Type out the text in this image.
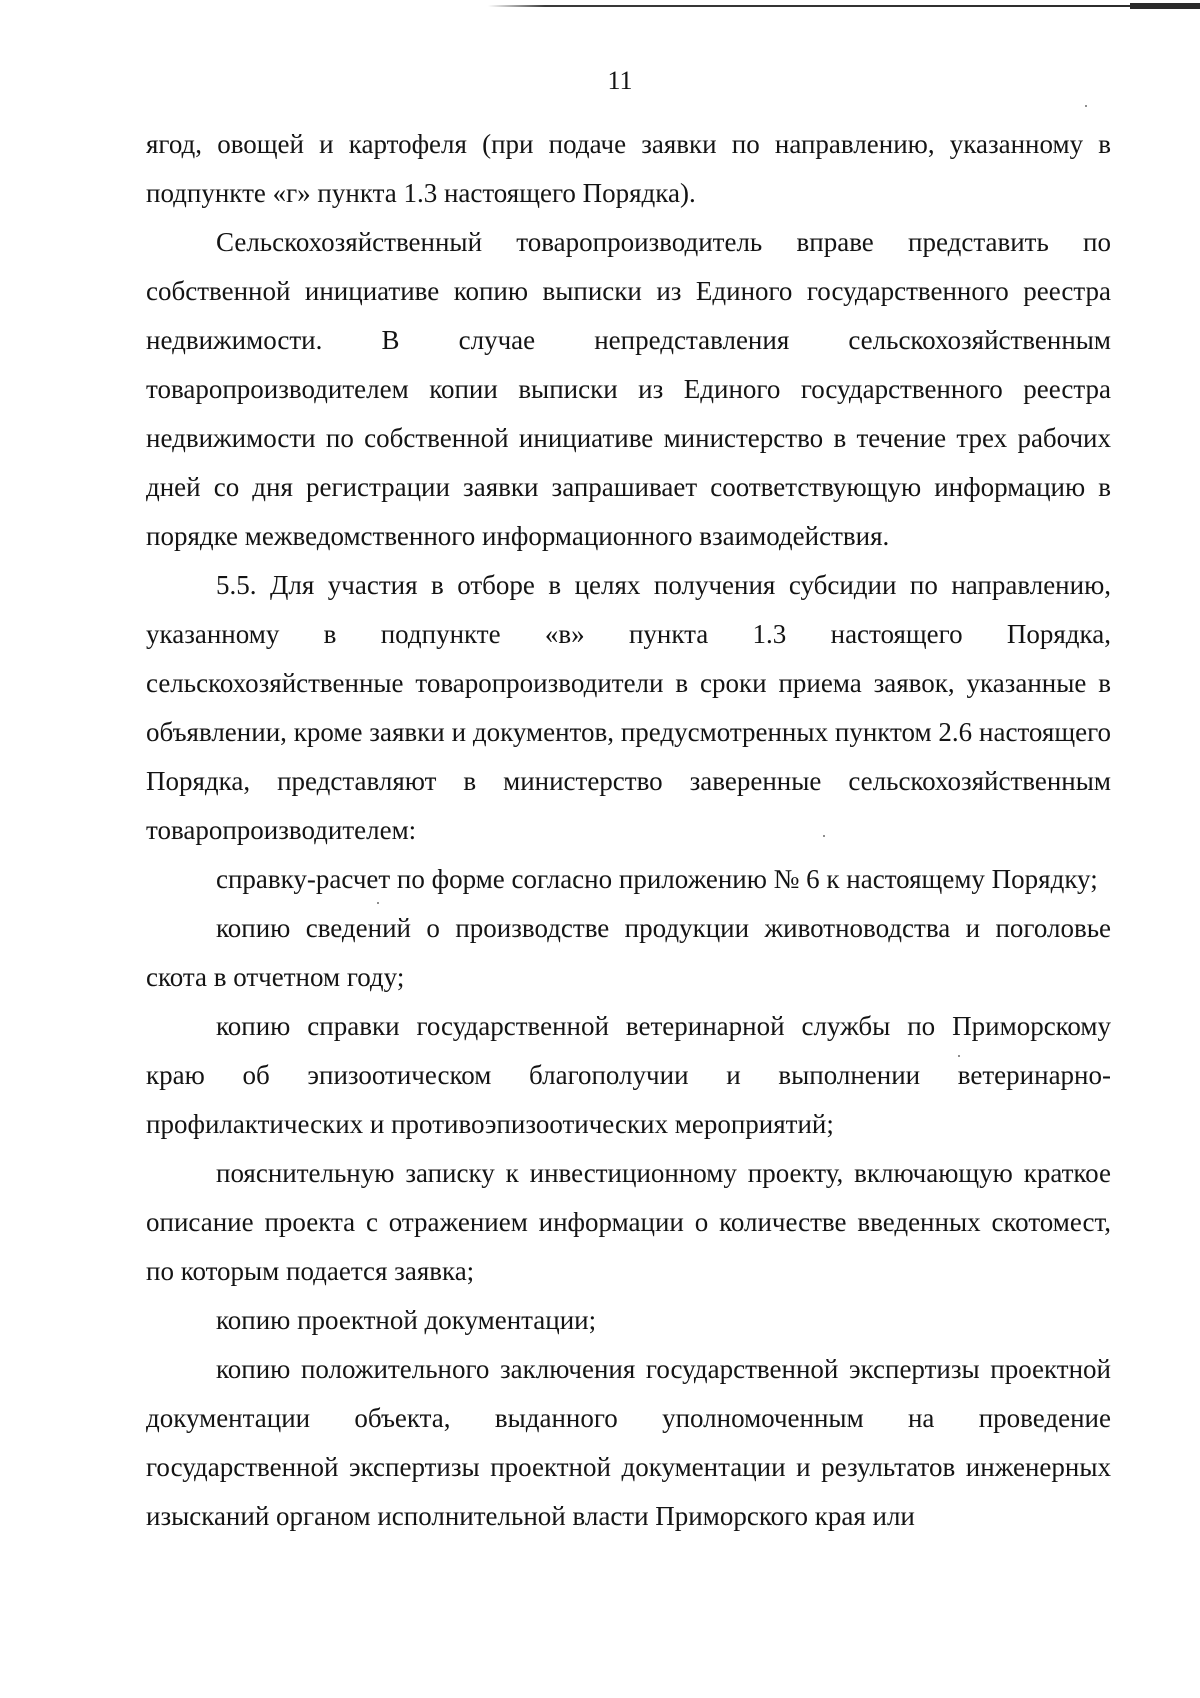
11

ягод, овощей и картофеля (при подаче заявки по направлению, указанному в подпункте «г» пункта 1.3 настоящего Порядка).

Сельскохозяйственный товаропроизводитель вправе представить по собственной инициативе копию выписки из Единого государственного реестра недвижимости. В случае непредставления сельскохозяйственным товаропроизводителем копии выписки из Единого государственного реестра недвижимости по собственной инициативе министерство в течение трех рабочих дней со дня регистрации заявки запрашивает соответствующую информацию в порядке межведомственного информационного взаимодействия.

5.5. Для участия в отборе в целях получения субсидии по направлению, указанному в подпункте «в» пункта 1.3 настоящего Порядка, сельскохозяйственные товаропроизводители в сроки приема заявок, указанные в объявлении, кроме заявки и документов, предусмотренных пунктом 2.6 настоящего Порядка, представляют в министерство заверенные сельскохозяйственным товаропроизводителем:

справку-расчет по форме согласно приложению № 6 к настоящему Порядку;

копию сведений о производстве продукции животноводства и поголовье скота в отчетном году;

копию справки государственной ветеринарной службы по Приморскому краю об эпизоотическом благополучии и выполнении ветеринарно-профилактических и противоэпизоотических мероприятий;

пояснительную записку к инвестиционному проекту, включающую краткое описание проекта с отражением информации о количестве введенных скотомест, по которым подается заявка;

копию проектной документации;

копию положительного заключения государственной экспертизы проектной документации объекта, выданного уполномоченным на проведение государственной экспертизы проектной документации и результатов инженерных изысканий органом исполнительной власти Приморского края или
